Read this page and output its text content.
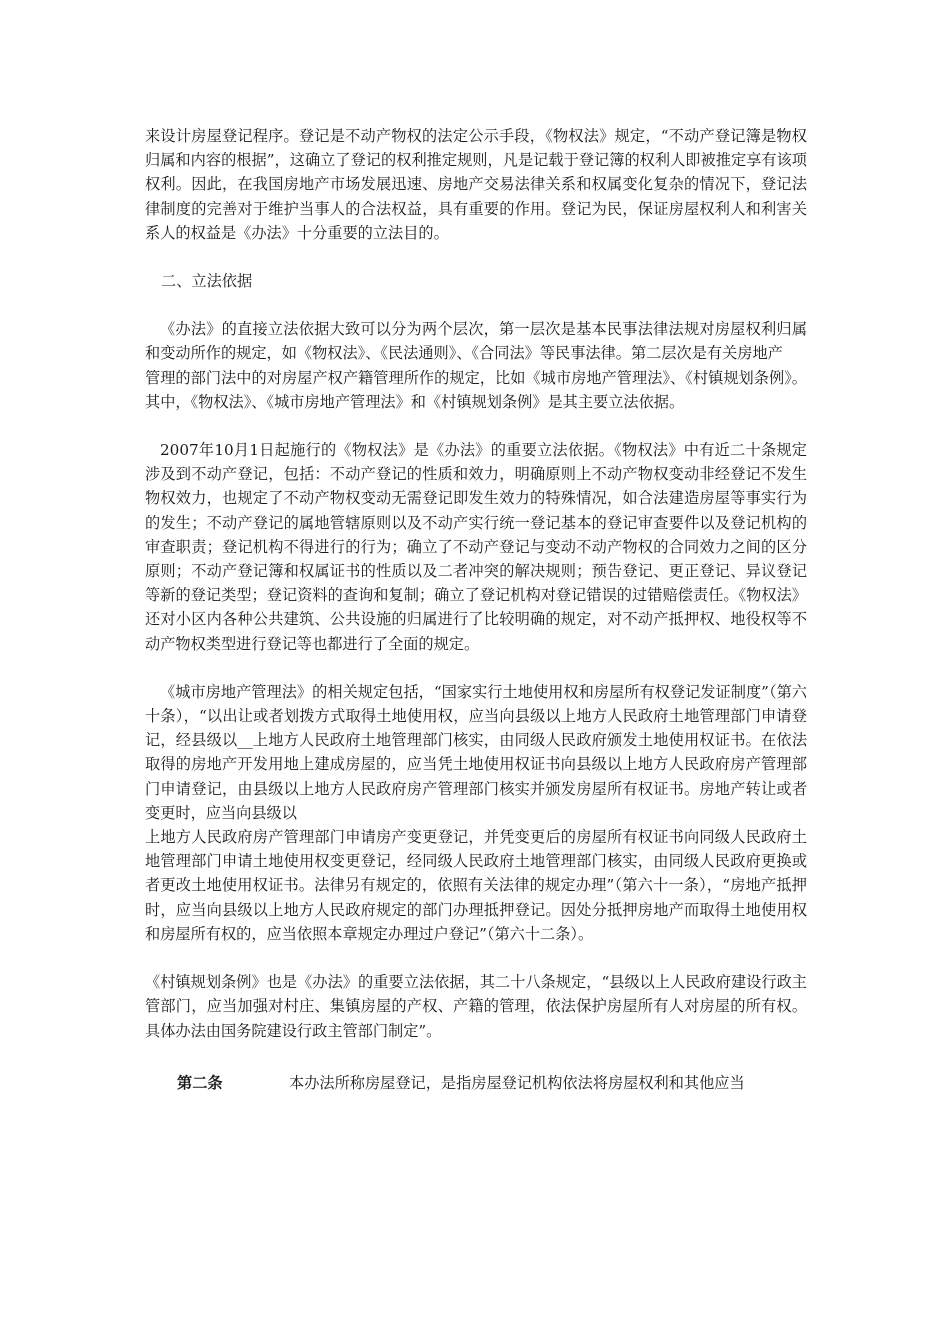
来设计房屋登记程序。登记是不动产物权的法定公示手段，《物权法》规定，“不动产登记簿是物权归属和内容的根据”，这确立了登记的权利推定规则，凡是记载于登记簿的权利人即被推定享有该项权利。因此，在我国房地产市场发展迅速、房地产交易法律关系和权属变化复杂的情况下，登记法律制度的完善对于维护当事人的合法权益，具有重要的作用。登记为民，保证房屋权利人和利害关系人的权益是《办法》十分重要的立法目的。

二、立法依据

《办法》的直接立法依据大致可以分为两个层次，第一层次是基本民事法律法规对房屋权利归属和变动所作的规定，如《物权法》、《民法通则》、《合同法》等民事法律。第二层次是有关房地产

管理的部门法中的对房屋产权产籍管理所作的规定，比如《城市房地产管理法》、《村镇规划条例》。其中，《物权法》、《城市房地产管理法》和《村镇规划条例》是其主要立法依据。

2007年10月1日起施行的《物权法》是《办法》的重要立法依据。《物权法》中有近二十条规定涉及到不动产登记，包括：不动产登记的性质和效力，明确原则上不动产物权变动非经登记不发生物权效力，也规定了不动产物权变动无需登记即发生效力的特殊情况，如合法建造房屋等事实行为的发生；不动产登记的属地管辖原则以及不动产实行统一登记基本的登记审查要件以及登记机构的审查职责；登记机构不得进行的行为；确立了不动产登记与变动不动产物权的合同效力之间的区分原则；不动产登记簿和权属证书的性质以及二者冲突的解决规则；预告登记、更正登记、异议登记等新的登记类型；登记资料的查询和复制；确立了登记机构对登记错误的过错赔偿责任。《物权法》还对小区内各种公共建筑、公共设施的归属进行了比较明确的规定，对不动产抵押权、地役权等不动产物权类型进行登记等也都进行了全面的规定。

《城市房地产管理法》的相关规定包括，“国家实行土地使用权和房屋所有权登记发证制度”（第六十条），“以出让或者划拨方式取得土地使用权，应当向县级以上地方人民政府土地管理部门申请登记，经县级以__上地方人民政府土地管理部门核实，由同级人民政府颁发土地使用权证书。在依法取得的房地产开发用地上建成房屋的，应当凭土地使用权证书向县级以上地方人民政府房产管理部门申请登记，由县级以上地方人民政府房产管理部门核实并颁发房屋所有权证书。房地产转让或者变更时，应当向县级以

上地方人民政府房产管理部门申请房产变更登记，并凭变更后的房屋所有权证书向同级人民政府土地管理部门申请土地使用权变更登记，经同级人民政府土地管理部门核实，由同级人民政府更换或者更改土地使用权证书。法律另有规定的，依照有关法律的规定办理”（第六十一条），“房地产抵押时，应当向县级以上地方人民政府规定的部门办理抵押登记。因处分抵押房地产而取得土地使用权和房屋所有权的，应当依照本章规定办理过户登记”（第六十二条）。

《村镇规划条例》也是《办法》的重要立法依据，其二十八条规定，“县级以上人民政府建设行政主管部门，应当加强对村庄、集镇房屋的产权、产籍的管理，依法保护房屋所有人对房屋的所有权。具体办法由国务院建设行政主管部门制定”。

第二条	本办法所称房屋登记，是指房屋登记机构依法将房屋权利和其他应当
